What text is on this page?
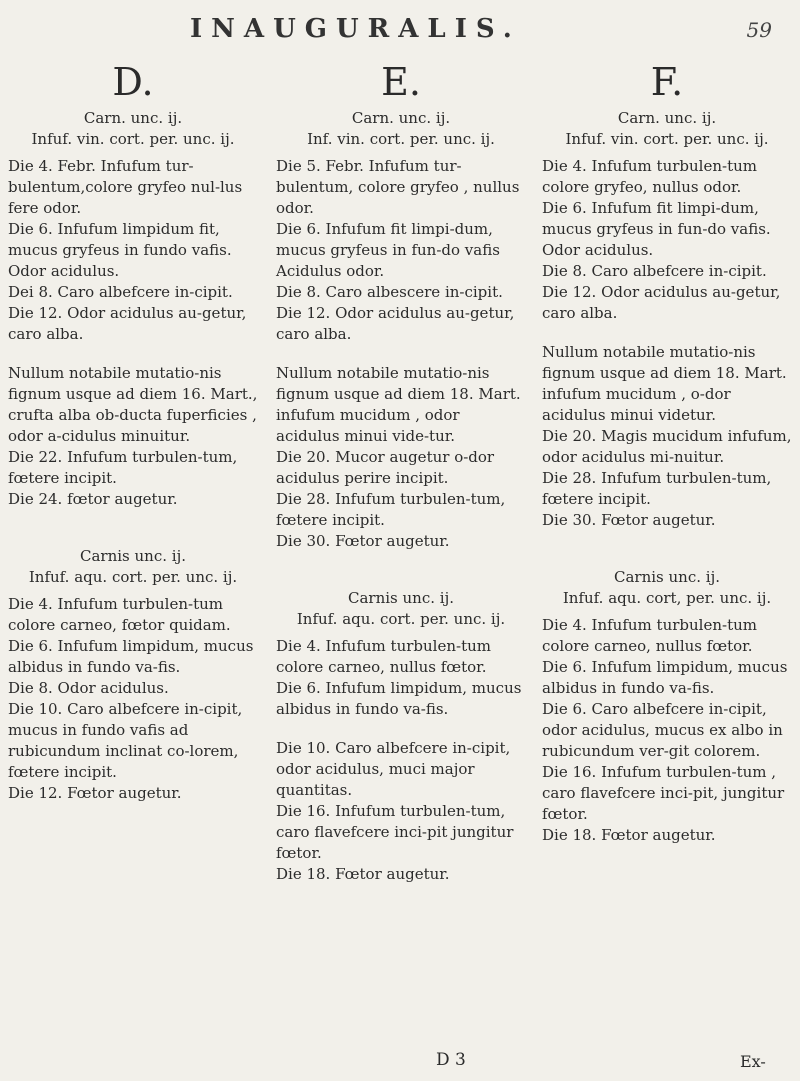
INAUGURALIS.	59
D.

Carn. unc. ij.

Infuf. vin. cort. per. unc. ij.

Die 4. Febr. Infufum tur-bulentum,colore gryfeo nul-lus fere odor.

Die 6. Infufum limpidum fit, mucus gryfeus in fundo vafis. Odor acidulus.

Dei 8. Caro albefcere in-cipit.

Die 12. Odor acidulus au-getur, caro alba.

Nullum notabile mutatio-nis fignum usque ad diem 16. Mart., crufta alba ob-ducta fuperficies , odor a-cidulus minuitur.

Die 22. Infufum turbulen-tum, fœtere incipit.

Die 24. fœtor augetur.

Carnis unc. ij.

Infuf. aqu. cort. per. unc. ij.

Die 4. Infufum turbulen-tum colore carneo, fœtor quidam.

Die 6. Infufum limpidum, mucus albidus in fundo va-fis.

Die 8. Odor acidulus.

Die 10. Caro albefcere in-cipit, mucus in fundo vafis ad rubicundum inclinat co-lorem, fœtere incipit.

Die 12. Fœtor augetur.

E.

Carn. unc. ij.

Inf. vin. cort. per. unc. ij.

Die 5. Febr. Infufum tur-bulentum, colore gryfeo , nullus odor.

Die 6. Infufum fit limpi-dum, mucus gryfeus in fun-do vafis Acidulus odor.

Die 8. Caro albescere in-cipit.

Die 12. Odor acidulus au-getur, caro alba.

Nullum notabile mutatio-nis fignum usque ad diem 18. Mart. infufum mucidum , odor acidulus minui vide-tur.

Die 20. Mucor augetur o-dor acidulus perire incipit.

Die 28. Infufum turbulen-tum, fœtere incipit.

Die 30. Fœtor augetur.

Carnis unc. ij.

Infuf. aqu. cort. per. unc. ij.

Die 4. Infufum turbulen-tum colore carneo, nullus fœtor.

Die 6. Infufum limpidum, mucus albidus in fundo va-fis.

Die 10. Caro albefcere in-cipit, odor acidulus, muci major quantitas.

Die 16. Infufum turbulen-tum, caro flavefcere inci-pit jungitur fœtor.

Die 18. Fœtor augetur.

F.

Carn. unc. ij.

Infuf. vin. cort. per. unc. ij.

Die 4. Infufum turbulen-tum colore gryfeo, nullus odor.

Die 6. Infufum fit limpi-dum, mucus gryfeus in fun-do vafis. Odor acidulus.

Die 8. Caro albefcere in-cipit.

Die 12. Odor acidulus au-getur, caro alba.

Nullum notabile mutatio-nis fignum usque ad diem 18. Mart. infufum mucidum , o-dor acidulus minui videtur.

Die 20. Magis mucidum infufum, odor acidulus mi-nuitur.

Die 28. Infufum turbulen-tum, fœtere incipit.

Die 30. Fœtor augetur.

Carnis unc. ij.

Infuf. aqu. cort, per. unc. ij.

Die 4. Infufum turbulen-tum colore carneo, nullus fœtor.

Die 6. Infufum limpidum, mucus albidus in fundo va-fis.

Die 6. Caro albefcere in-cipit, odor acidulus, mucus ex albo in rubicundum ver-git colorem.

Die 16. Infufum turbulen-tum , caro flavefcere inci-pit, jungitur fœtor.

Die 18. Fœtor augetur.

D 3	Ex-
